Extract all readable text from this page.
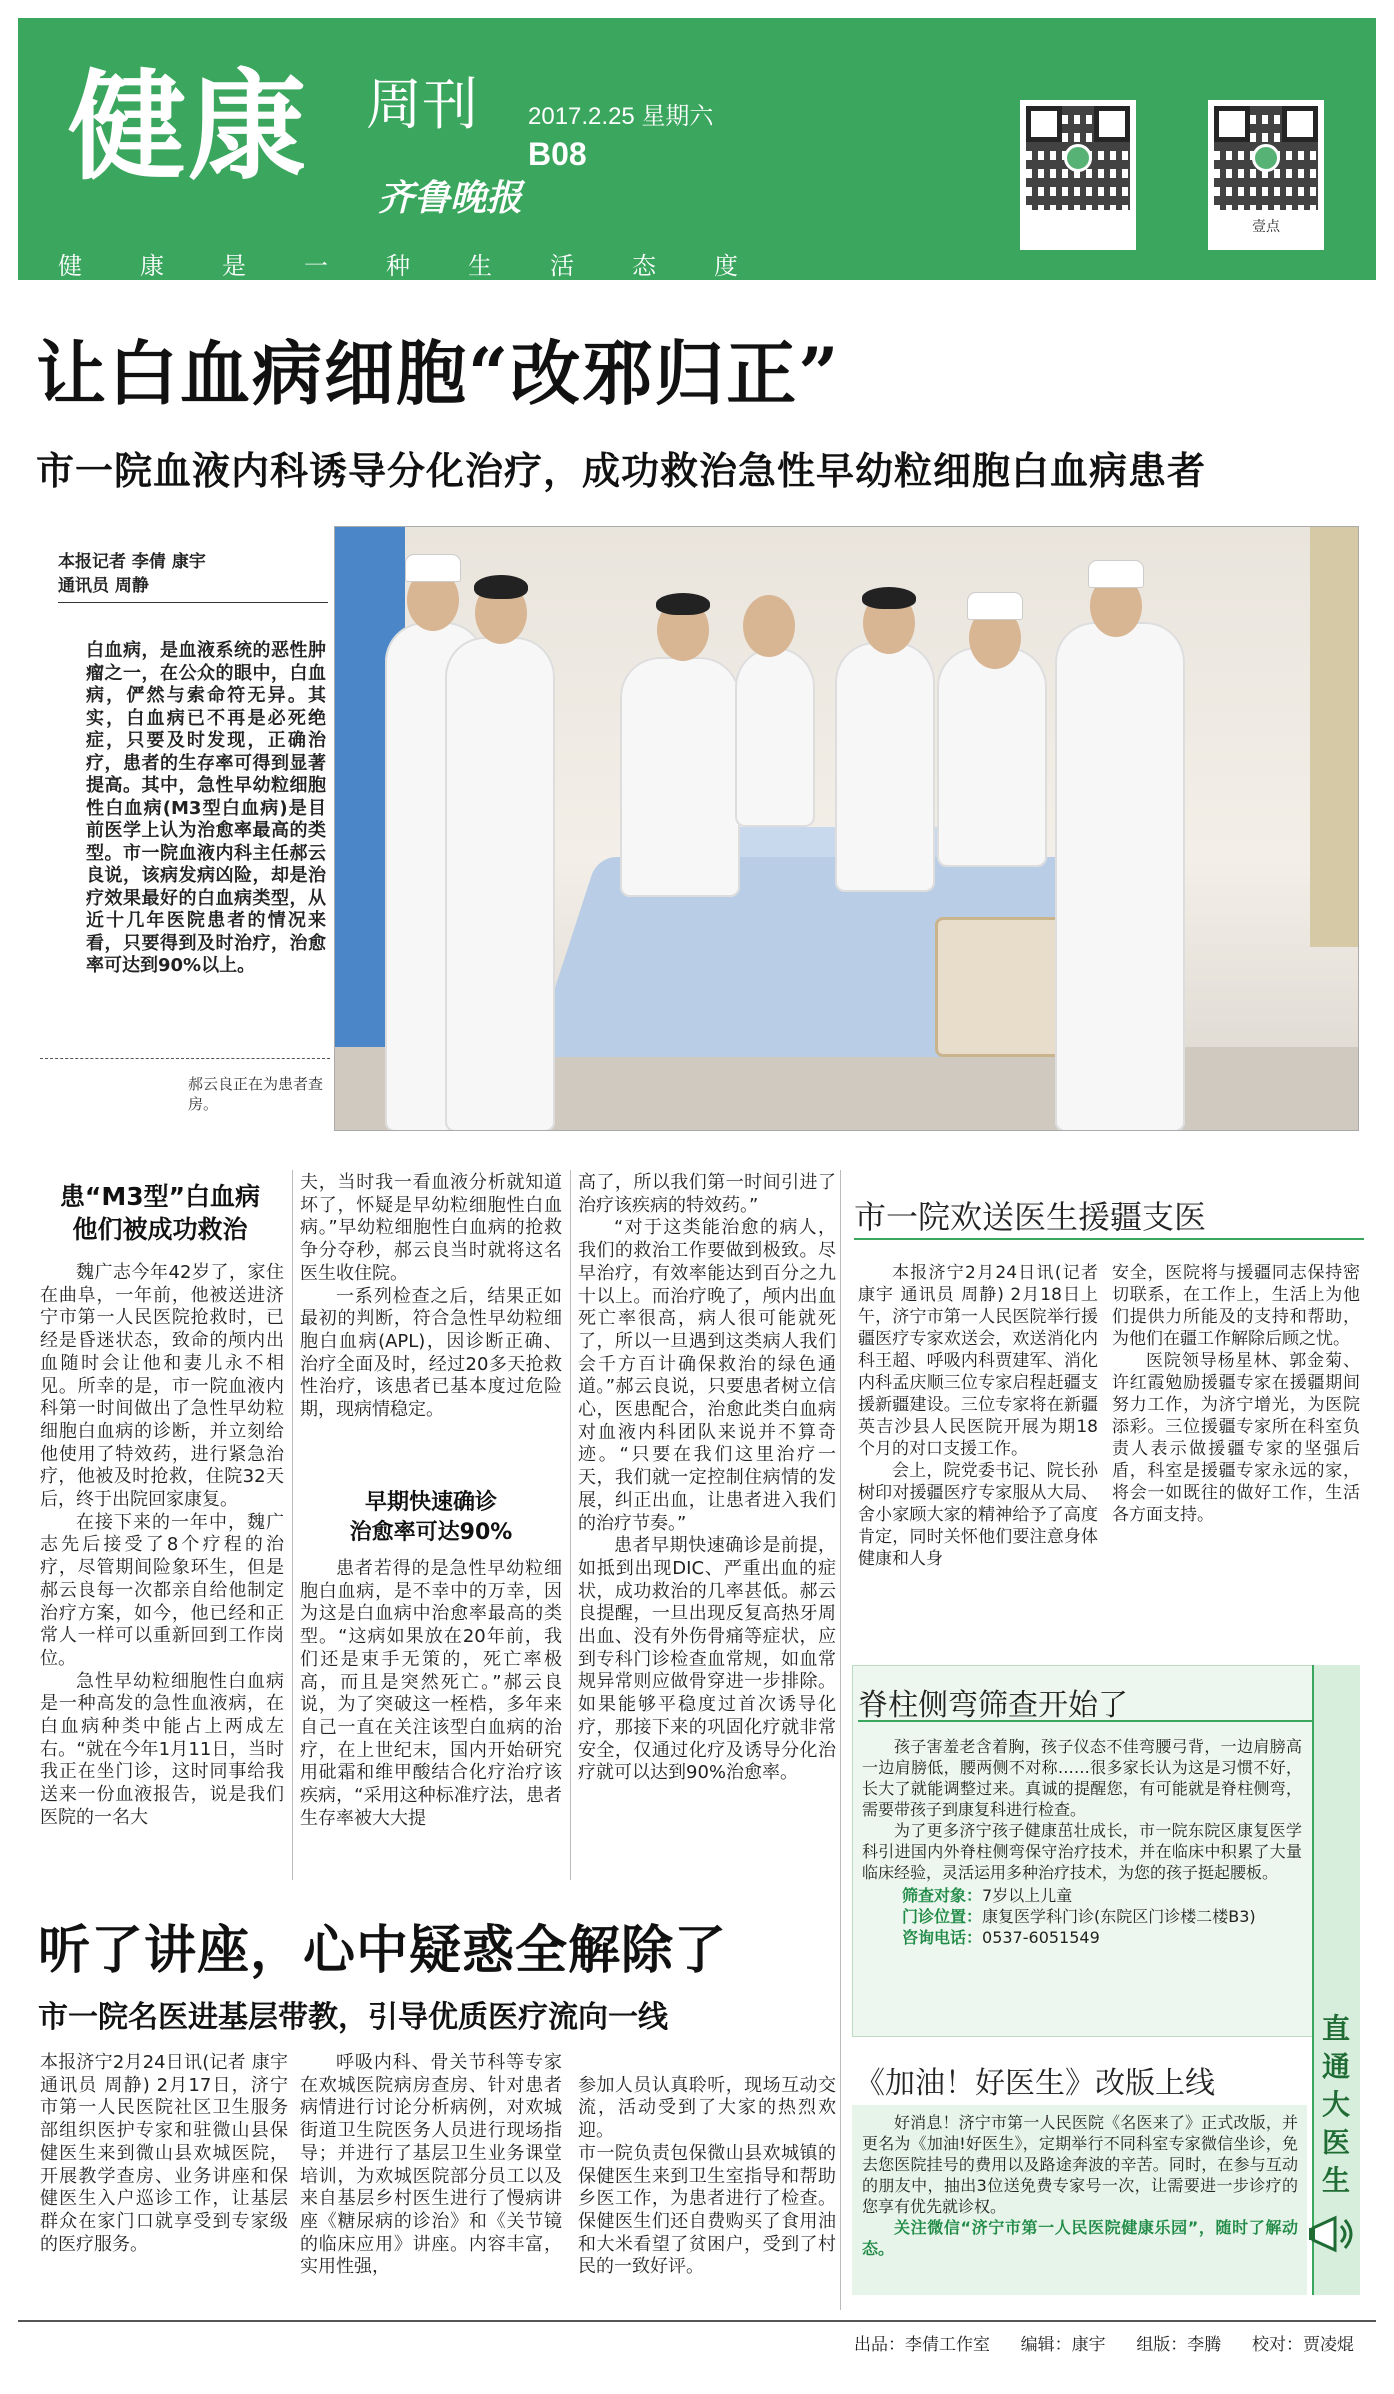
健康 周刊 2017.2.25 星期六
B08
齐鲁晚报
健 康 是 一 种 生 活 态 度
壹点
让白血病细胞“改邪归正”
市一院血液内科诱导分化治疗，成功救治急性早幼粒细胞白血病患者
本报记者 李倩 康宇
通讯员 周静
白血病，是血液系统的恶性肿瘤之一，在公众的眼中，白血病，俨然与索命符无异。其实，白血病已不再是必死绝症，只要及时发现，正确治疗，患者的生存率可得到显著提高。其中，急性早幼粒细胞性白血病(M3型白血病)是目前医学上认为治愈率最高的类型。市一院血液内科主任郝云良说，该病发病凶险，却是治疗效果最好的白血病类型，从近十几年医院患者的情况来看，只要得到及时治疗，治愈率可达到90%以上。
郝云良正在为患者查房。
患“M3型”白血病
他们被成功救治

魏广志今年42岁了，家住在曲阜，一年前，他被送进济宁市第一人民医院抢救时，已经是昏迷状态，致命的颅内出血随时会让他和妻儿永不相见。所幸的是，市一院血液内科第一时间做出了急性早幼粒细胞白血病的诊断，并立刻给他使用了特效药，进行紧急治疗，他被及时抢救，住院32天后，终于出院回家康复。

在接下来的一年中，魏广志先后接受了8个疗程的治疗，尽管期间险象环生，但是郝云良每一次都亲自给他制定治疗方案，如今，他已经和正常人一样可以重新回到工作岗位。

急性早幼粒细胞性白血病是一种高发的急性血液病，在白血病种类中能占上两成左右。“就在今年1月11日，当时我正在坐门诊，这时同事给我送来一份血液报告，说是我们医院的一名大

夫，当时我一看血液分析就知道坏了，怀疑是早幼粒细胞性白血病。”早幼粒细胞性白血病的抢救争分夺秒，郝云良当时就将这名医生收住院。

一系列检查之后，结果正如最初的判断，符合急性早幼粒细胞白血病(APL)，因诊断正确、治疗全面及时，经过20多天抢救性治疗，该患者已基本度过危险期，现病情稳定。

早期快速确诊
治愈率可达90%

患者若得的是急性早幼粒细胞白血病，是不幸中的万幸，因为这是白血病中治愈率最高的类型。“这病如果放在20年前，我们还是束手无策的，死亡率极高，而且是突然死亡。”郝云良说，为了突破这一桎梏，多年来自己一直在关注该型白血病的治疗，在上世纪末，国内开始研究用砒霜和维甲酸结合化疗治疗该疾病，“采用这种标准疗法，患者生存率被大大提

高了，所以我们第一时间引进了治疗该疾病的特效药。”

“对于这类能治愈的病人，我们的救治工作要做到极致。尽早治疗，有效率能达到百分之九十以上。而治疗晚了，颅内出血死亡率很高，病人很可能就死了，所以一旦遇到这类病人我们会千方百计确保救治的绿色通道。”郝云良说，只要患者树立信心，医患配合，治愈此类白血病对血液内科团队来说并不算奇迹。“只要在我们这里治疗一天，我们就一定控制住病情的发展，纠正出血，让患者进入我们的治疗节奏。”

患者早期快速确诊是前提，如抵到出现DIC、严重出血的症状，成功救治的几率甚低。郝云良提醒，一旦出现反复高热牙周出血、没有外伤骨痛等症状，应到专科门诊检查血常规，如血常规异常则应做骨穿进一步排除。如果能够平稳度过首次诱导化疗，那接下来的巩固化疗就非常安全，仅通过化疗及诱导分化治疗就可以达到90%治愈率。

市一院欢送医生援疆支医

本报济宁2月24日讯(记者 康宇 通讯员 周静) 2月18日上午，济宁市第一人民医院举行援疆医疗专家欢送会，欢送消化内科王超、呼吸内科贾建军、消化内科孟庆顺三位专家启程赶疆支援新疆建设。三位专家将在新疆英吉沙县人民医院开展为期18个月的对口支援工作。

会上，院党委书记、院长孙树印对援疆医疗专家服从大局、舍小家顾大家的精神给予了高度肯定，同时关怀他们要注意身体健康和人身

安全，医院将与援疆同志保持密切联系，在工作上，生活上为他们提供力所能及的支持和帮助，为他们在疆工作解除后顾之忧。

医院领导杨星林、郭金菊、许红霞勉励援疆专家在援疆期间努力工作，为济宁增光，为医院添彩。三位援疆专家所在科室负责人表示做援疆专家的坚强后盾，科室是援疆专家永远的家，将会一如既往的做好工作，生活各方面支持。

脊柱侧弯筛查开始了

孩子害羞老含着胸，孩子仪态不佳弯腰弓背，一边肩膀高一边肩膀低，腰两侧不对称……很多家长认为这是习惯不好，长大了就能调整过来。真诚的提醒您，有可能就是脊柱侧弯，需要带孩子到康复科进行检查。

为了更多济宁孩子健康茁壮成长，市一院东院区康复医学科引进国内外脊柱侧弯保守治疗技术，并在临床中积累了大量临床经验，灵活运用多种治疗技术，为您的孩子挺起腰板。

筛查对象：7岁以上儿童

门诊位置：康复医学科门诊(东院区门诊楼二楼B3)

咨询电话：0537-6051549

直
通
大
医
生
《加油！好医生》改版上线

好消息！济宁市第一人民医院《名医来了》正式改版，并更名为《加油!好医生》，定期举行不同科室专家微信坐诊，免去您医院挂号的费用以及路途奔波的辛苦。同时，在参与互动的朋友中，抽出3位送免费专家号一次，让需要进一步诊疗的您享有优先就诊权。

关注微信“济宁市第一人民医院健康乐园”，随时了解动态。

听了讲座，心中疑惑全解除了
市一院名医进基层带教，引导优质医疗流向一线

本报济宁2月24日讯(记者 康宇 通讯员 周静) 2月17日，济宁市第一人民医院社区卫生服务部组织医护专家和驻微山县保健医生来到微山县欢城医院，开展教学查房、业务讲座和保健医生入户巡诊工作，让基层群众在家门口就享受到专家级的医疗服务。

呼吸内科、骨关节科等专家在欢城医院病房查房、针对患者病情进行讨论分析病例，对欢城街道卫生院医务人员进行现场指导；并进行了基层卫生业务课堂培训，为欢城医院部分员工以及来自基层乡村医生进行了慢病讲座《糖尿病的诊治》和《关节镜的临床应用》讲座。内容丰富，实用性强，

参加人员认真聆听，现场互动交流，活动受到了大家的热烈欢迎。
市一院负责包保微山县欢城镇的保健医生来到卫生室指导和帮助乡医工作，为患者进行了检查。保健医生们还自费购买了食用油和大米看望了贫困户，受到了村民的一致好评。

出品：李倩工作室 编辑：康宇 组版：李腾 校对：贾凌焜
